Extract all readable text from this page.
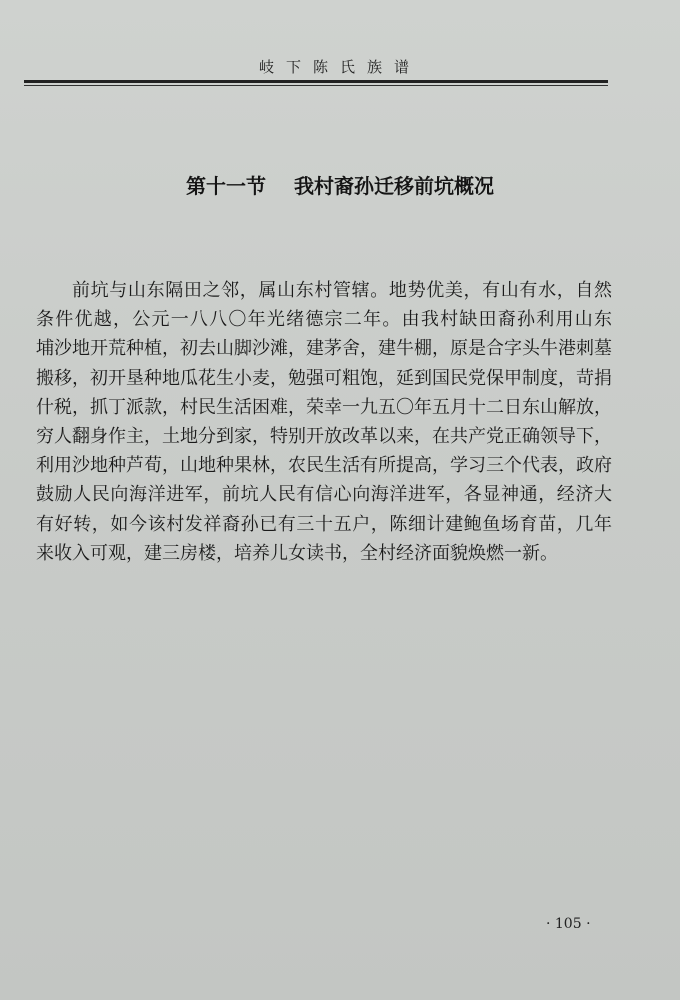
岐下陈氏族谱
第十一节 我村裔孙迁移前坑概况
前坑与山东隔田之邻，属山东村管辖。地势优美，有山有水，自然
条件优越，公元一八八〇年光绪德宗二年。由我村缺田裔孙利用山东
埔沙地开荒种植，初去山脚沙滩，建茅舍，建牛棚，原是合字头牛港刺墓
搬移，初开垦种地瓜花生小麦，勉强可粗饱，延到国民党保甲制度，苛捐
什税，抓丁派款，村民生活困难，荣幸一九五〇年五月十二日东山解放，
穷人翻身作主，土地分到家，特别开放改革以来，在共产党正确领导下，
利用沙地种芦荀，山地种果林，农民生活有所提高，学习三个代表，政府
鼓励人民向海洋进军，前坑人民有信心向海洋进军，各显神通，经济大
有好转，如今该村发祥裔孙已有三十五户，陈细计建鲍鱼场育苗，几年
来收入可观，建三房楼，培养儿女读书，全村经济面貌焕燃一新。
· 105 ·
